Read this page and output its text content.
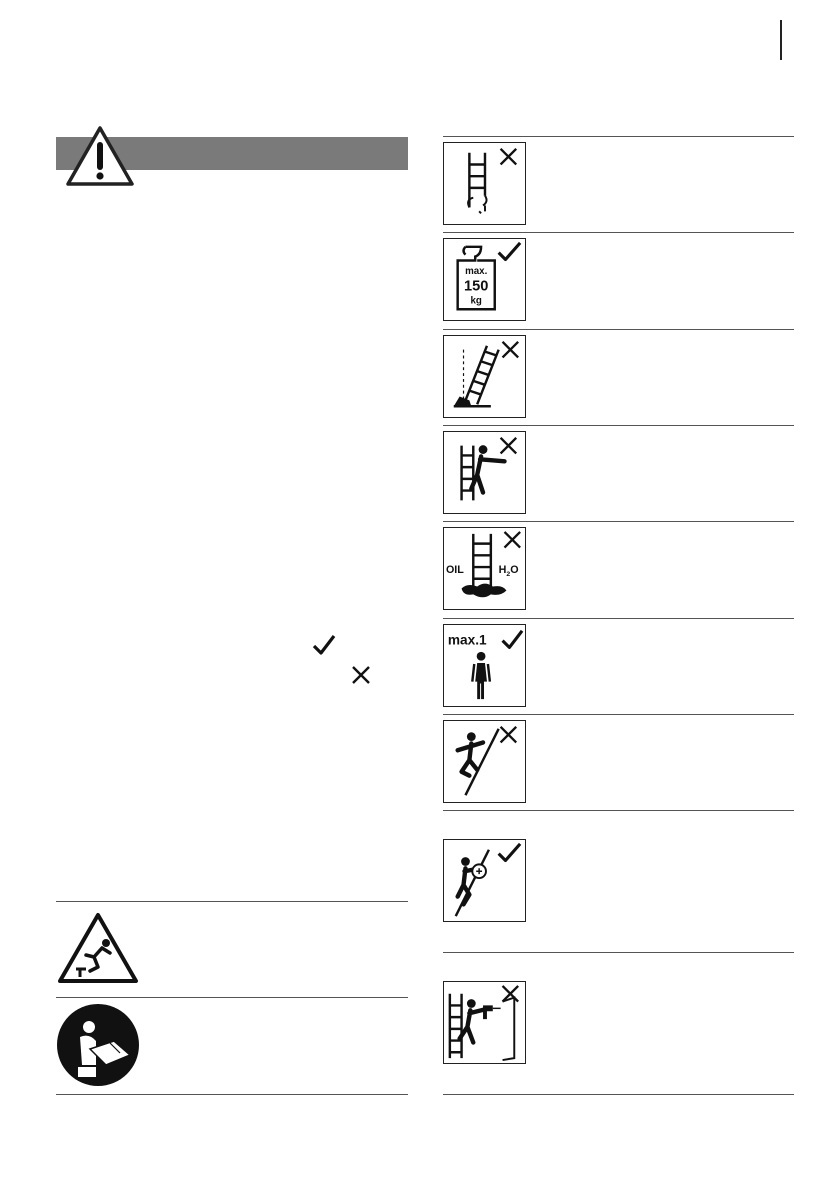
max.
150
kg
OIL	$H_2O$
max.1
